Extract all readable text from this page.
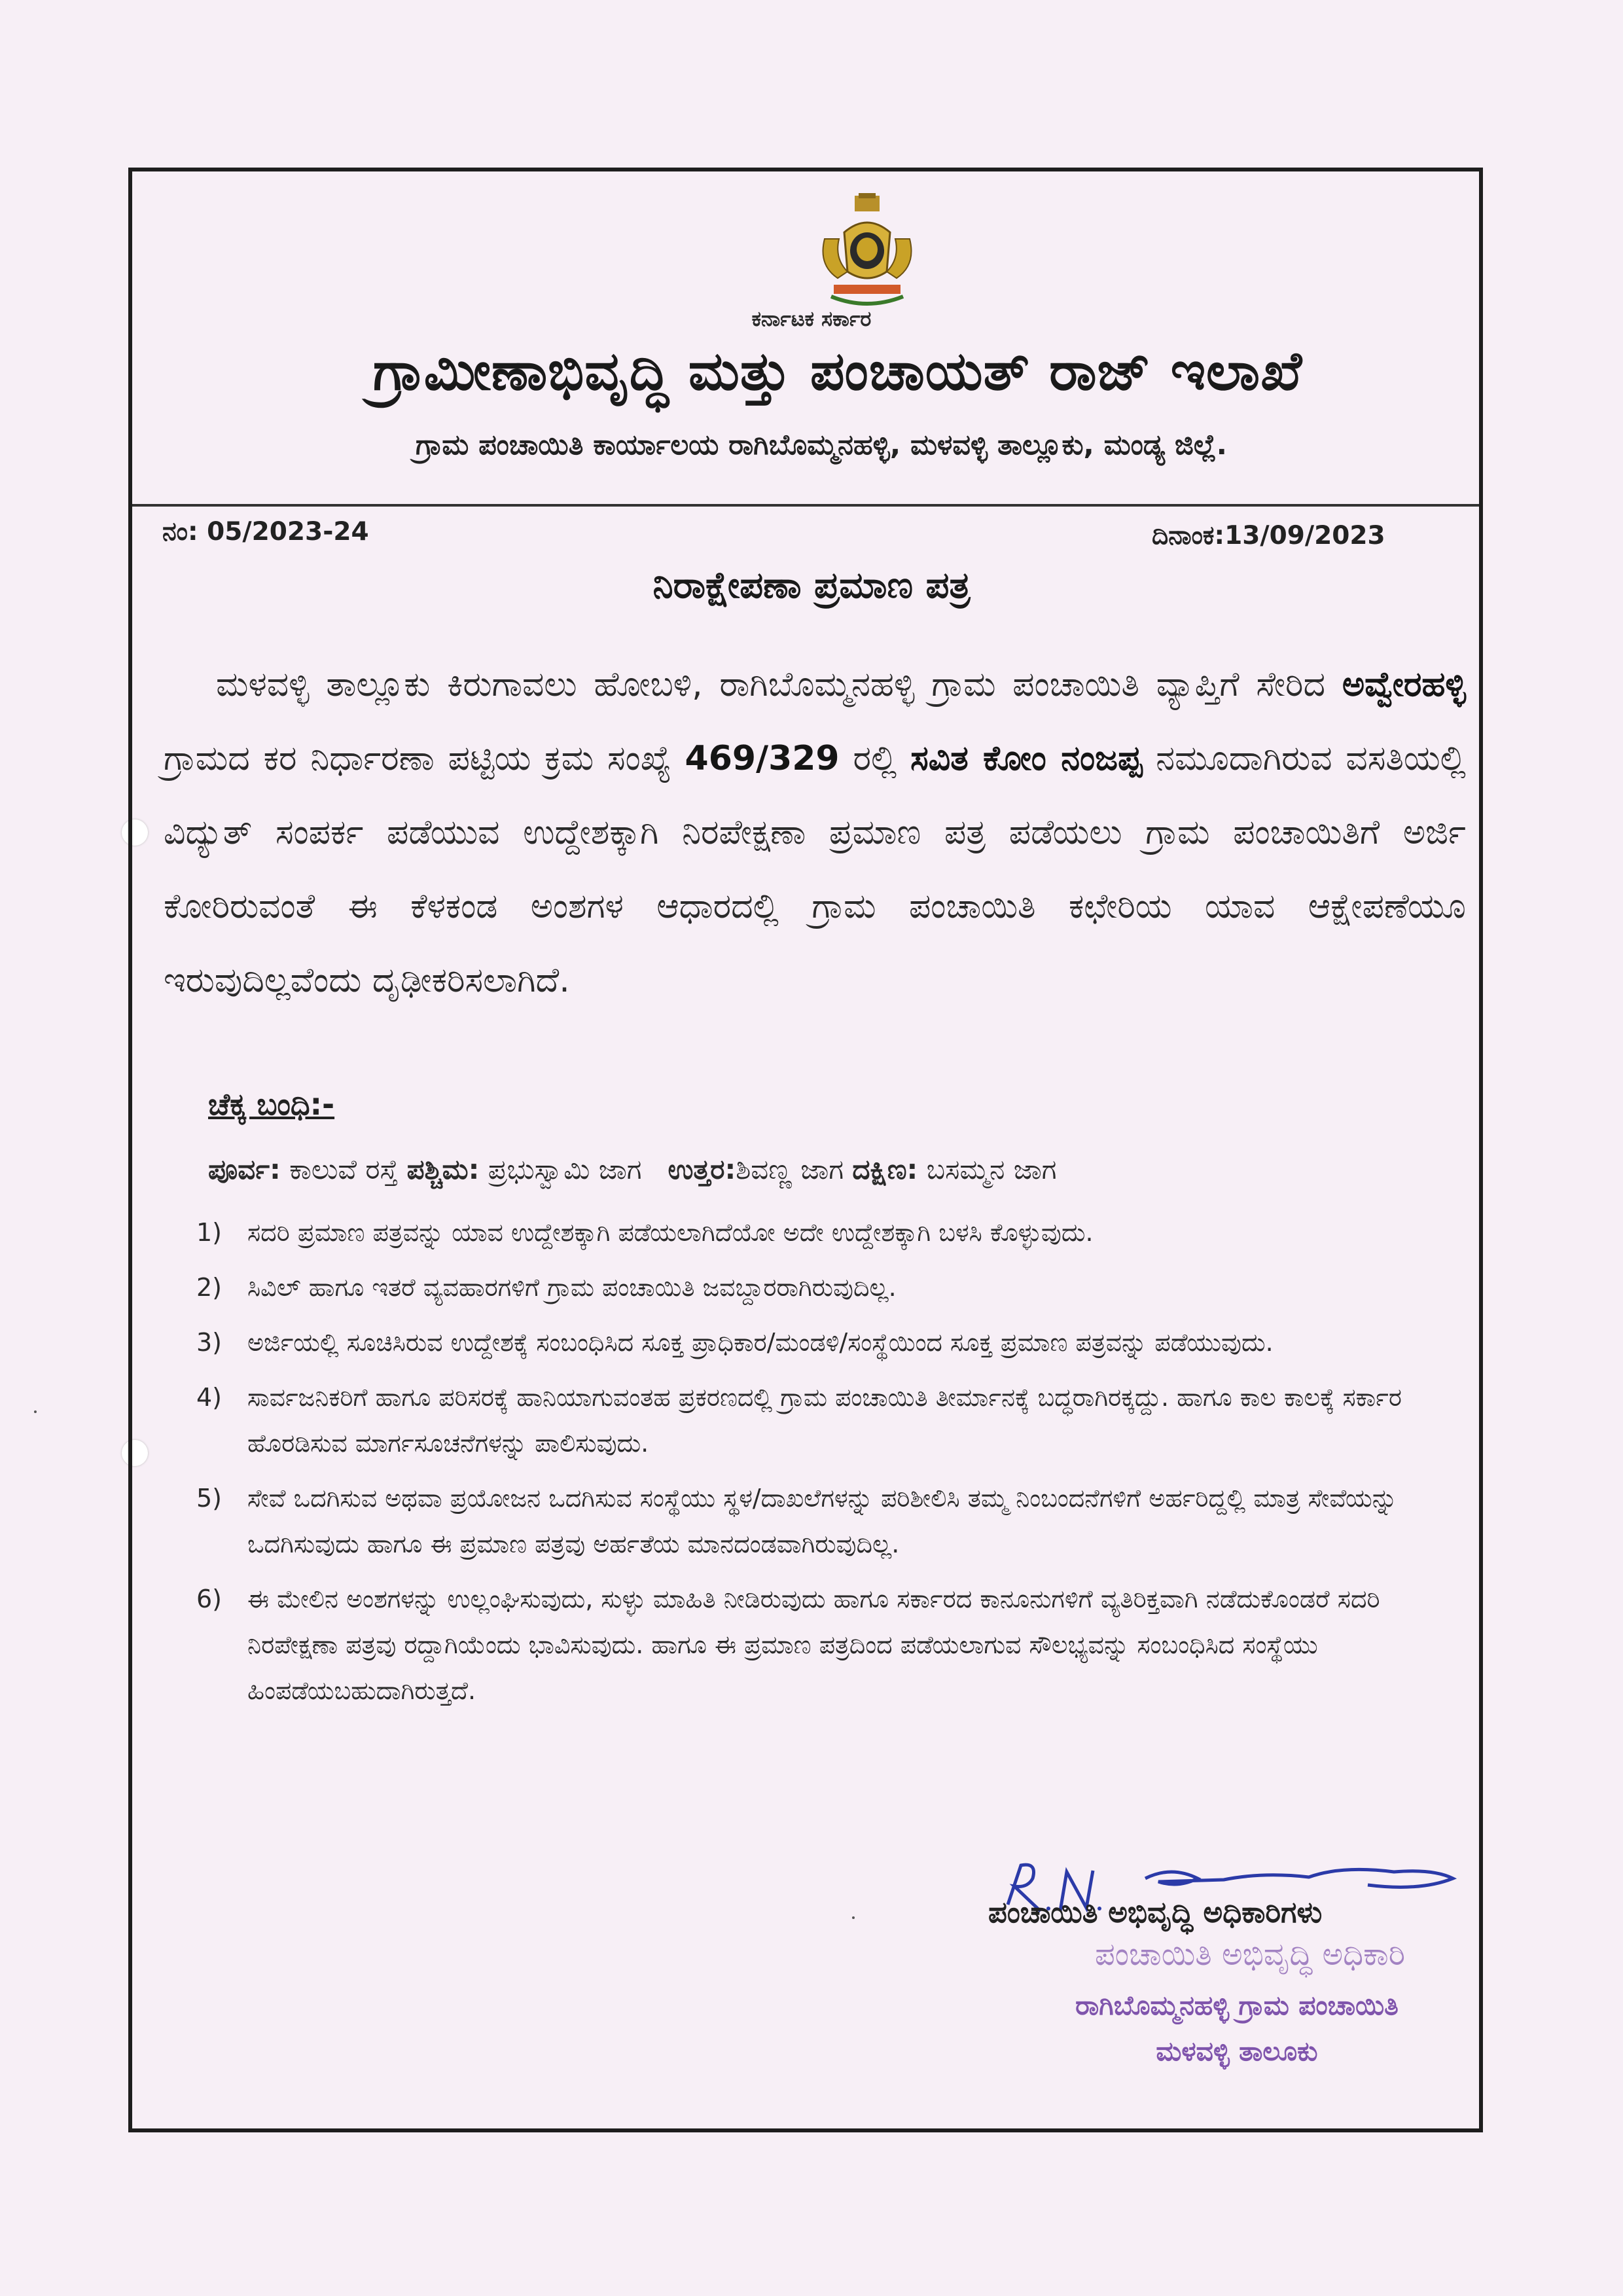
ಕರ್ನಾಟಕ ಸರ್ಕಾರ
ಗ್ರಾಮೀಣಾಭಿವೃದ್ಧಿ ಮತ್ತು ಪಂಚಾಯತ್ ರಾಜ್ ಇಲಾಖೆ
ಗ್ರಾಮ ಪಂಚಾಯಿತಿ ಕಾರ್ಯಾಲಯ ರಾಗಿಬೊಮ್ಮನಹಳ್ಳಿ, ಮಳವಳ್ಳಿ ತಾಲ್ಲೂಕು, ಮಂಡ್ಯ ಜಿಲ್ಲೆ.
ನಂ: 05/2023-24	ದಿನಾಂಕ:13/09/2023
ನಿರಾಕ್ಷೇಪಣಾ ಪ್ರಮಾಣ ಪತ್ರ
ಮಳವಳ್ಳಿ ತಾಲ್ಲೂಕು ಕಿರುಗಾವಲು ಹೋಬಳಿ, ರಾಗಿಬೊಮ್ಮನಹಳ್ಳಿ ಗ್ರಾಮ ಪಂಚಾಯಿತಿ ವ್ಯಾಪ್ತಿಗೆ ಸೇರಿದ ಅವ್ವೇರಹಳ್ಳಿ ಗ್ರಾಮದ ಕರ ನಿರ್ಧಾರಣಾ ಪಟ್ಟಿಯ ಕ್ರಮ ಸಂಖ್ಯೆ 469/329 ರಲ್ಲಿ ಸವಿತ ಕೋಂ ನಂಜಪ್ಪ ನಮೂದಾಗಿರುವ ವಸತಿಯಲ್ಲಿ ವಿದ್ಯುತ್ ಸಂಪರ್ಕ ಪಡೆಯುವ ಉದ್ದೇಶಕ್ಕಾಗಿ ನಿರಪೇಕ್ಷಣಾ ಪ್ರಮಾಣ ಪತ್ರ ಪಡೆಯಲು ಗ್ರಾಮ ಪಂಚಾಯಿತಿಗೆ ಅರ್ಜಿ ಕೋರಿರುವಂತೆ ಈ ಕೆಳಕಂಡ ಅಂಶಗಳ ಆಧಾರದಲ್ಲಿ ಗ್ರಾಮ ಪಂಚಾಯಿತಿ ಕಛೇರಿಯ ಯಾವ ಆಕ್ಷೇಪಣೆಯೂ ಇರುವುದಿಲ್ಲವೆಂದು ದೃಢೀಕರಿಸಲಾಗಿದೆ.
ಚೆಕ್ಕ ಬಂಧಿ:-
ಪೂರ್ವ: ಕಾಲುವೆ ರಸ್ತೆ ಪಶ್ಚಿಮ: ಪ್ರಭುಸ್ವಾಮಿ ಜಾಗ ಉತ್ತರ:ಶಿವಣ್ಣ ಜಾಗ ದಕ್ಷಿಣ: ಬಸಮ್ಮನ ಜಾಗ
1) ಸದರಿ ಪ್ರಮಾಣ ಪತ್ರವನ್ನು ಯಾವ ಉದ್ದೇಶಕ್ಕಾಗಿ ಪಡೆಯಲಾಗಿದೆಯೋ ಅದೇ ಉದ್ದೇಶಕ್ಕಾಗಿ ಬಳಸಿ ಕೊಳ್ಳುವುದು.
2) ಸಿವಿಲ್ ಹಾಗೂ ಇತರೆ ವ್ಯವಹಾರಗಳಿಗೆ ಗ್ರಾಮ ಪಂಚಾಯಿತಿ ಜವಬ್ದಾರರಾಗಿರುವುದಿಲ್ಲ.
3) ಅರ್ಜಿಯಲ್ಲಿ ಸೂಚಿಸಿರುವ ಉದ್ದೇಶಕ್ಕೆ ಸಂಬಂಧಿಸಿದ ಸೂಕ್ತ ಪ್ರಾಧಿಕಾರ/ಮಂಡಳಿ/ಸಂಸ್ಥೆಯಿಂದ ಸೂಕ್ತ ಪ್ರಮಾಣ ಪತ್ರವನ್ನು ಪಡೆಯುವುದು.
4) ಸಾರ್ವಜನಿಕರಿಗೆ ಹಾಗೂ ಪರಿಸರಕ್ಕೆ ಹಾನಿಯಾಗುವಂತಹ ಪ್ರಕರಣದಲ್ಲಿ ಗ್ರಾಮ ಪಂಚಾಯಿತಿ ತೀರ್ಮಾನಕ್ಕೆ ಬದ್ಧರಾಗಿರಕ್ಕದ್ದು. ಹಾಗೂ ಕಾಲ ಕಾಲಕ್ಕೆ ಸರ್ಕಾರ ಹೊರಡಿಸುವ ಮಾರ್ಗಸೂಚನೆಗಳನ್ನು ಪಾಲಿಸುವುದು.
5) ಸೇವೆ ಒದಗಿಸುವ ಅಥವಾ ಪ್ರಯೋಜನ ಒದಗಿಸುವ ಸಂಸ್ಥೆಯು ಸ್ಥಳ/ದಾಖಲೆಗಳನ್ನು ಪರಿಶೀಲಿಸಿ ತಮ್ಮ ನಿಂಬಂದನೆಗಳಿಗೆ ಅರ್ಹರಿದ್ದಲ್ಲಿ ಮಾತ್ರ ಸೇವೆಯನ್ನು ಒದಗಿಸುವುದು ಹಾಗೂ ಈ ಪ್ರಮಾಣ ಪತ್ರವು ಅರ್ಹತೆಯ ಮಾನದಂಡವಾಗಿರುವುದಿಲ್ಲ.
6) ಈ ಮೇಲಿನ ಅಂಶಗಳನ್ನು ಉಲ್ಲಂಘಿಸುವುದು, ಸುಳ್ಳು ಮಾಹಿತಿ ನೀಡಿರುವುದು ಹಾಗೂ ಸರ್ಕಾರದ ಕಾನೂನುಗಳಿಗೆ ವ್ಯತಿರಿಕ್ತವಾಗಿ ನಡೆದುಕೊಂಡರೆ ಸದರಿ ನಿರಪೇಕ್ಷಣಾ ಪತ್ರವು ರದ್ದಾಗಿಯೆಂದು ಭಾವಿಸುವುದು. ಹಾಗೂ ಈ ಪ್ರಮಾಣ ಪತ್ರದಿಂದ ಪಡೆಯಲಾಗುವ ಸೌಲಭ್ಯವನ್ನು ಸಂಬಂಧಿಸಿದ ಸಂಸ್ಥೆಯು ಹಿಂಪಡೆಯಬಹುದಾಗಿರುತ್ತದೆ.
ಪಂಚಾಯಿತಿ ಅಭಿವೃದ್ಧಿ ಅಧಿಕಾರಿಗಳು
ಪಂಚಾಯಿತಿ ಅಭಿವೃದ್ಧಿ ಅಧಿಕಾರಿ
ರಾಗಿಬೊಮ್ಮನಹಳ್ಳಿ ಗ್ರಾಮ ಪಂಚಾಯಿತಿ
ಮಳವಳ್ಳಿ ತಾಲೂಕು
